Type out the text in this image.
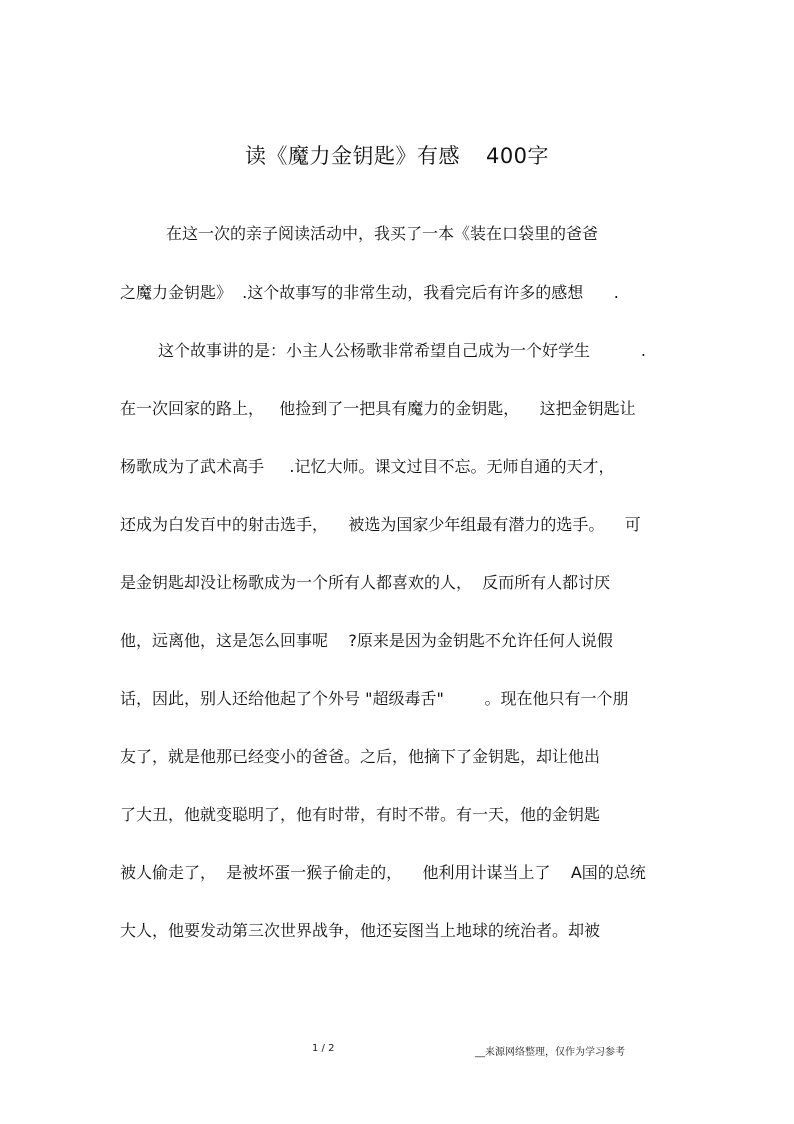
读《魔力金钥匙》有感 400字
在这一次的亲子阅读活动中，我买了一本《装在口袋里的爸爸
之魔力金钥匙》  .这个故事写的非常生动，我看完后有许多的感想      .
这个故事讲的是：小主人公杨歌非常希望自己成为一个好学生          .
在一次回家的路上，   他捡到了一把具有魔力的金钥匙，    这把金钥匙让
杨歌成为了武术高手     .记忆大师。课文过目不忘。无师自通的天才，
还成为白发百中的射击选手，    被选为国家少年组最有潜力的选手。    可
是金钥匙却没让杨歌成为一个所有人都喜欢的人，  反而所有人都讨厌
他，远离他，这是怎么回事呢    ?原来是因为金钥匙不允许任何人说假
话，因此，别人还给他起了个外号 "超级毒舌"        。现在他只有一个朋
友了，就是他那已经变小的爸爸。之后，他摘下了金钥匙，却让他出
了大丑，他就变聪明了，他有时带，有时不带。有一天，他的金钥匙
被人偷走了，  是被坏蛋一猴子偷走的，    他利用计谋当上了    A国的总统
大人，他要发动第三次世界战争，他还妄图当上地球的统治者。却被
1 / 2	__来源网络整理，仅作为学习参考
